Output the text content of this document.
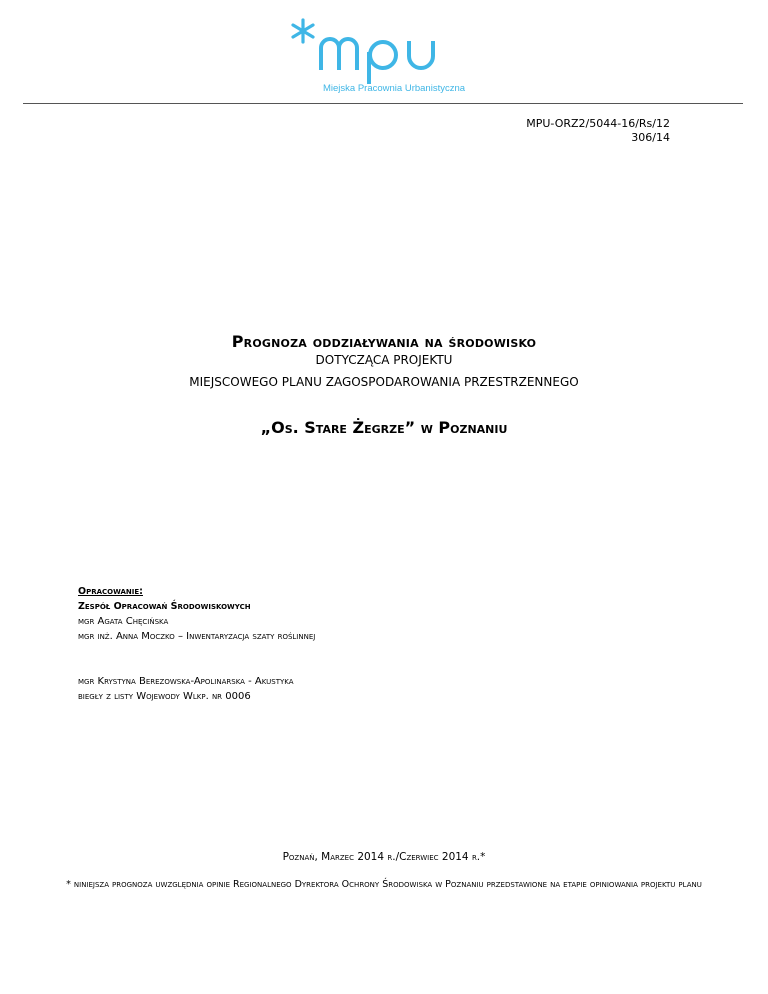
Miejska Pracownia Urbanistyczna
MPU-ORZ2/5044-16/Rs/12
306/14
Prognoza oddziaływania na środowisko
DOTYCZĄCA PROJEKTU
MIEJSCOWEGO PLANU ZAGOSPODAROWANIA PRZESTRZENNEGO
„Os. Stare Żegrze” w Poznaniu
Opracowanie:
Zespół Opracowań Środowiskowych
mgr Agata Chęcińska
mgr inż. Anna Moczko – Inwentaryzacja szaty roślinnej
mgr Krystyna Berezowska-Apolinarska - Akustyka
biegły z listy Wojewody Wlkp. nr 0006
Poznań, Marzec 2014 r./Czerwiec 2014 r.*
* niniejsza prognoza uwzględnia opinie Regionalnego Dyrektora Ochrony Środowiska w Poznaniu przedstawione na etapie opiniowania projektu planu
